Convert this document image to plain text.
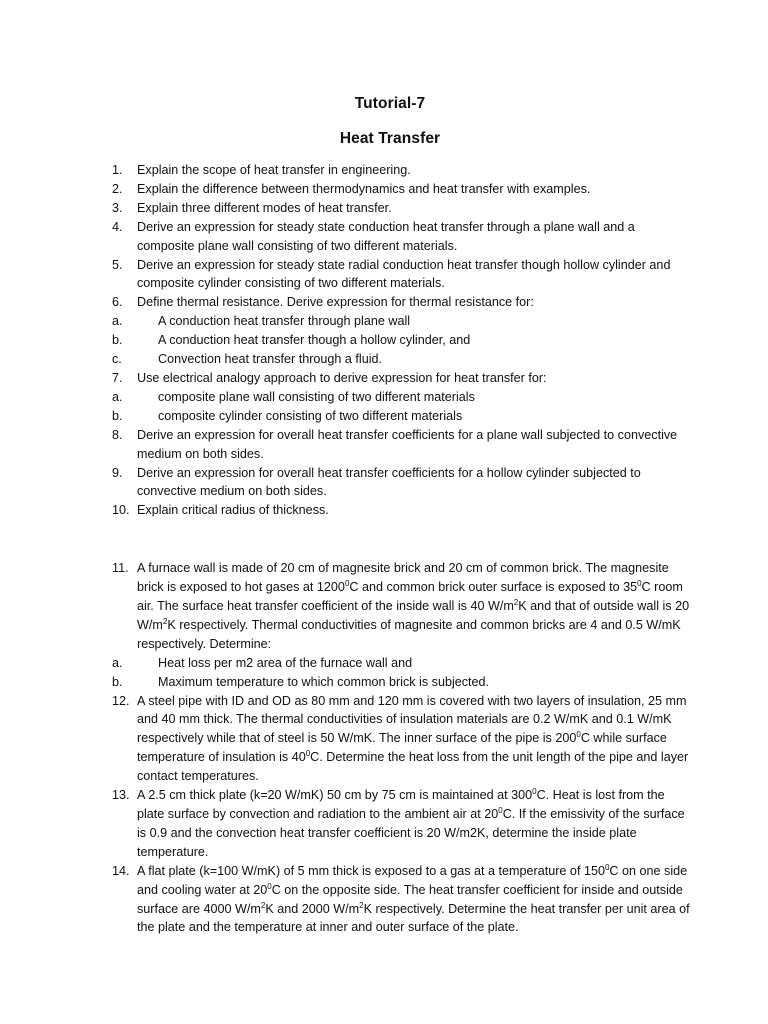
Tutorial-7
Heat Transfer
1.	Explain the scope of heat transfer in engineering.
2.	Explain the difference between thermodynamics and heat transfer with examples.
3.	Explain three different modes of heat transfer.
4.	Derive an expression for steady state conduction heat transfer through a plane wall and a composite plane wall consisting of two different materials.
5.	Derive an expression for steady state radial conduction heat transfer though hollow cylinder and composite cylinder consisting of two different materials.
6.	Define thermal resistance. Derive expression for thermal resistance for:
a.	A conduction heat transfer through plane wall
b.	A conduction heat transfer though a hollow cylinder, and
c.	Convection heat transfer through a fluid.
7.	Use electrical analogy approach to derive expression for heat transfer for:
a.	composite plane wall consisting of two different materials
b.	composite cylinder consisting of two different materials
8.	Derive an expression for overall heat transfer coefficients for a plane wall subjected to convective medium on both sides.
9.	Derive an expression for overall heat transfer coefficients for a hollow cylinder subjected to convective medium on both sides.
10. Explain critical radius of thickness.
11. A furnace wall is made of 20 cm of magnesite brick and 20 cm of common brick. The magnesite brick is exposed to hot gases at 1200$^0$C and common brick outer surface is exposed to $35^0C$ room air. The surface heat transfer coefficient of the inside wall is 40 $W/m^2K$ and that of outside wall is 20 $W/m^2K$ respectively. Thermal conductivities of magnesite and common bricks are 4 and 0.5 W/mK respectively. Determine:
a.	Heat loss per m2 area of the furnace wall and
b.	Maximum temperature to which common brick is subjected.
12. A steel pipe with ID and OD as 80 mm and 120 mm is covered with two layers of insulation, 25 mm and 40 mm thick. The thermal conductivities of insulation materials are 0.2 W/mK and 0.1 W/mK respectively while that of steel is 50 W/mK. The inner surface of the pipe is $200^0C$ while surface temperature of insulation is $40^0C$. Determine the heat loss from the unit length of the pipe and layer contact temperatures.
13. A 2.5 cm thick plate (k=20 W/mK) 50 cm by 75 cm is maintained at $300^0C$. Heat is lost from the plate surface by convection and radiation to the ambient air at $20^0C$. If the emissivity of the surface is 0.9 and the convection heat transfer coefficient is 20 W/m2K, determine the inside plate temperature.
14. A flat plate (k=100 W/mK) of 5 mm thick is exposed to a gas at a temperature of $150^0C$ on one side and cooling water at $20^0C$ on the opposite side. The heat transfer coefficient for inside and outside surface are 4000 $W/m^2K$ and 2000 $W/m^2K$ respectively. Determine the heat transfer per unit area of the plate and the temperature at inner and outer surface of the plate.
